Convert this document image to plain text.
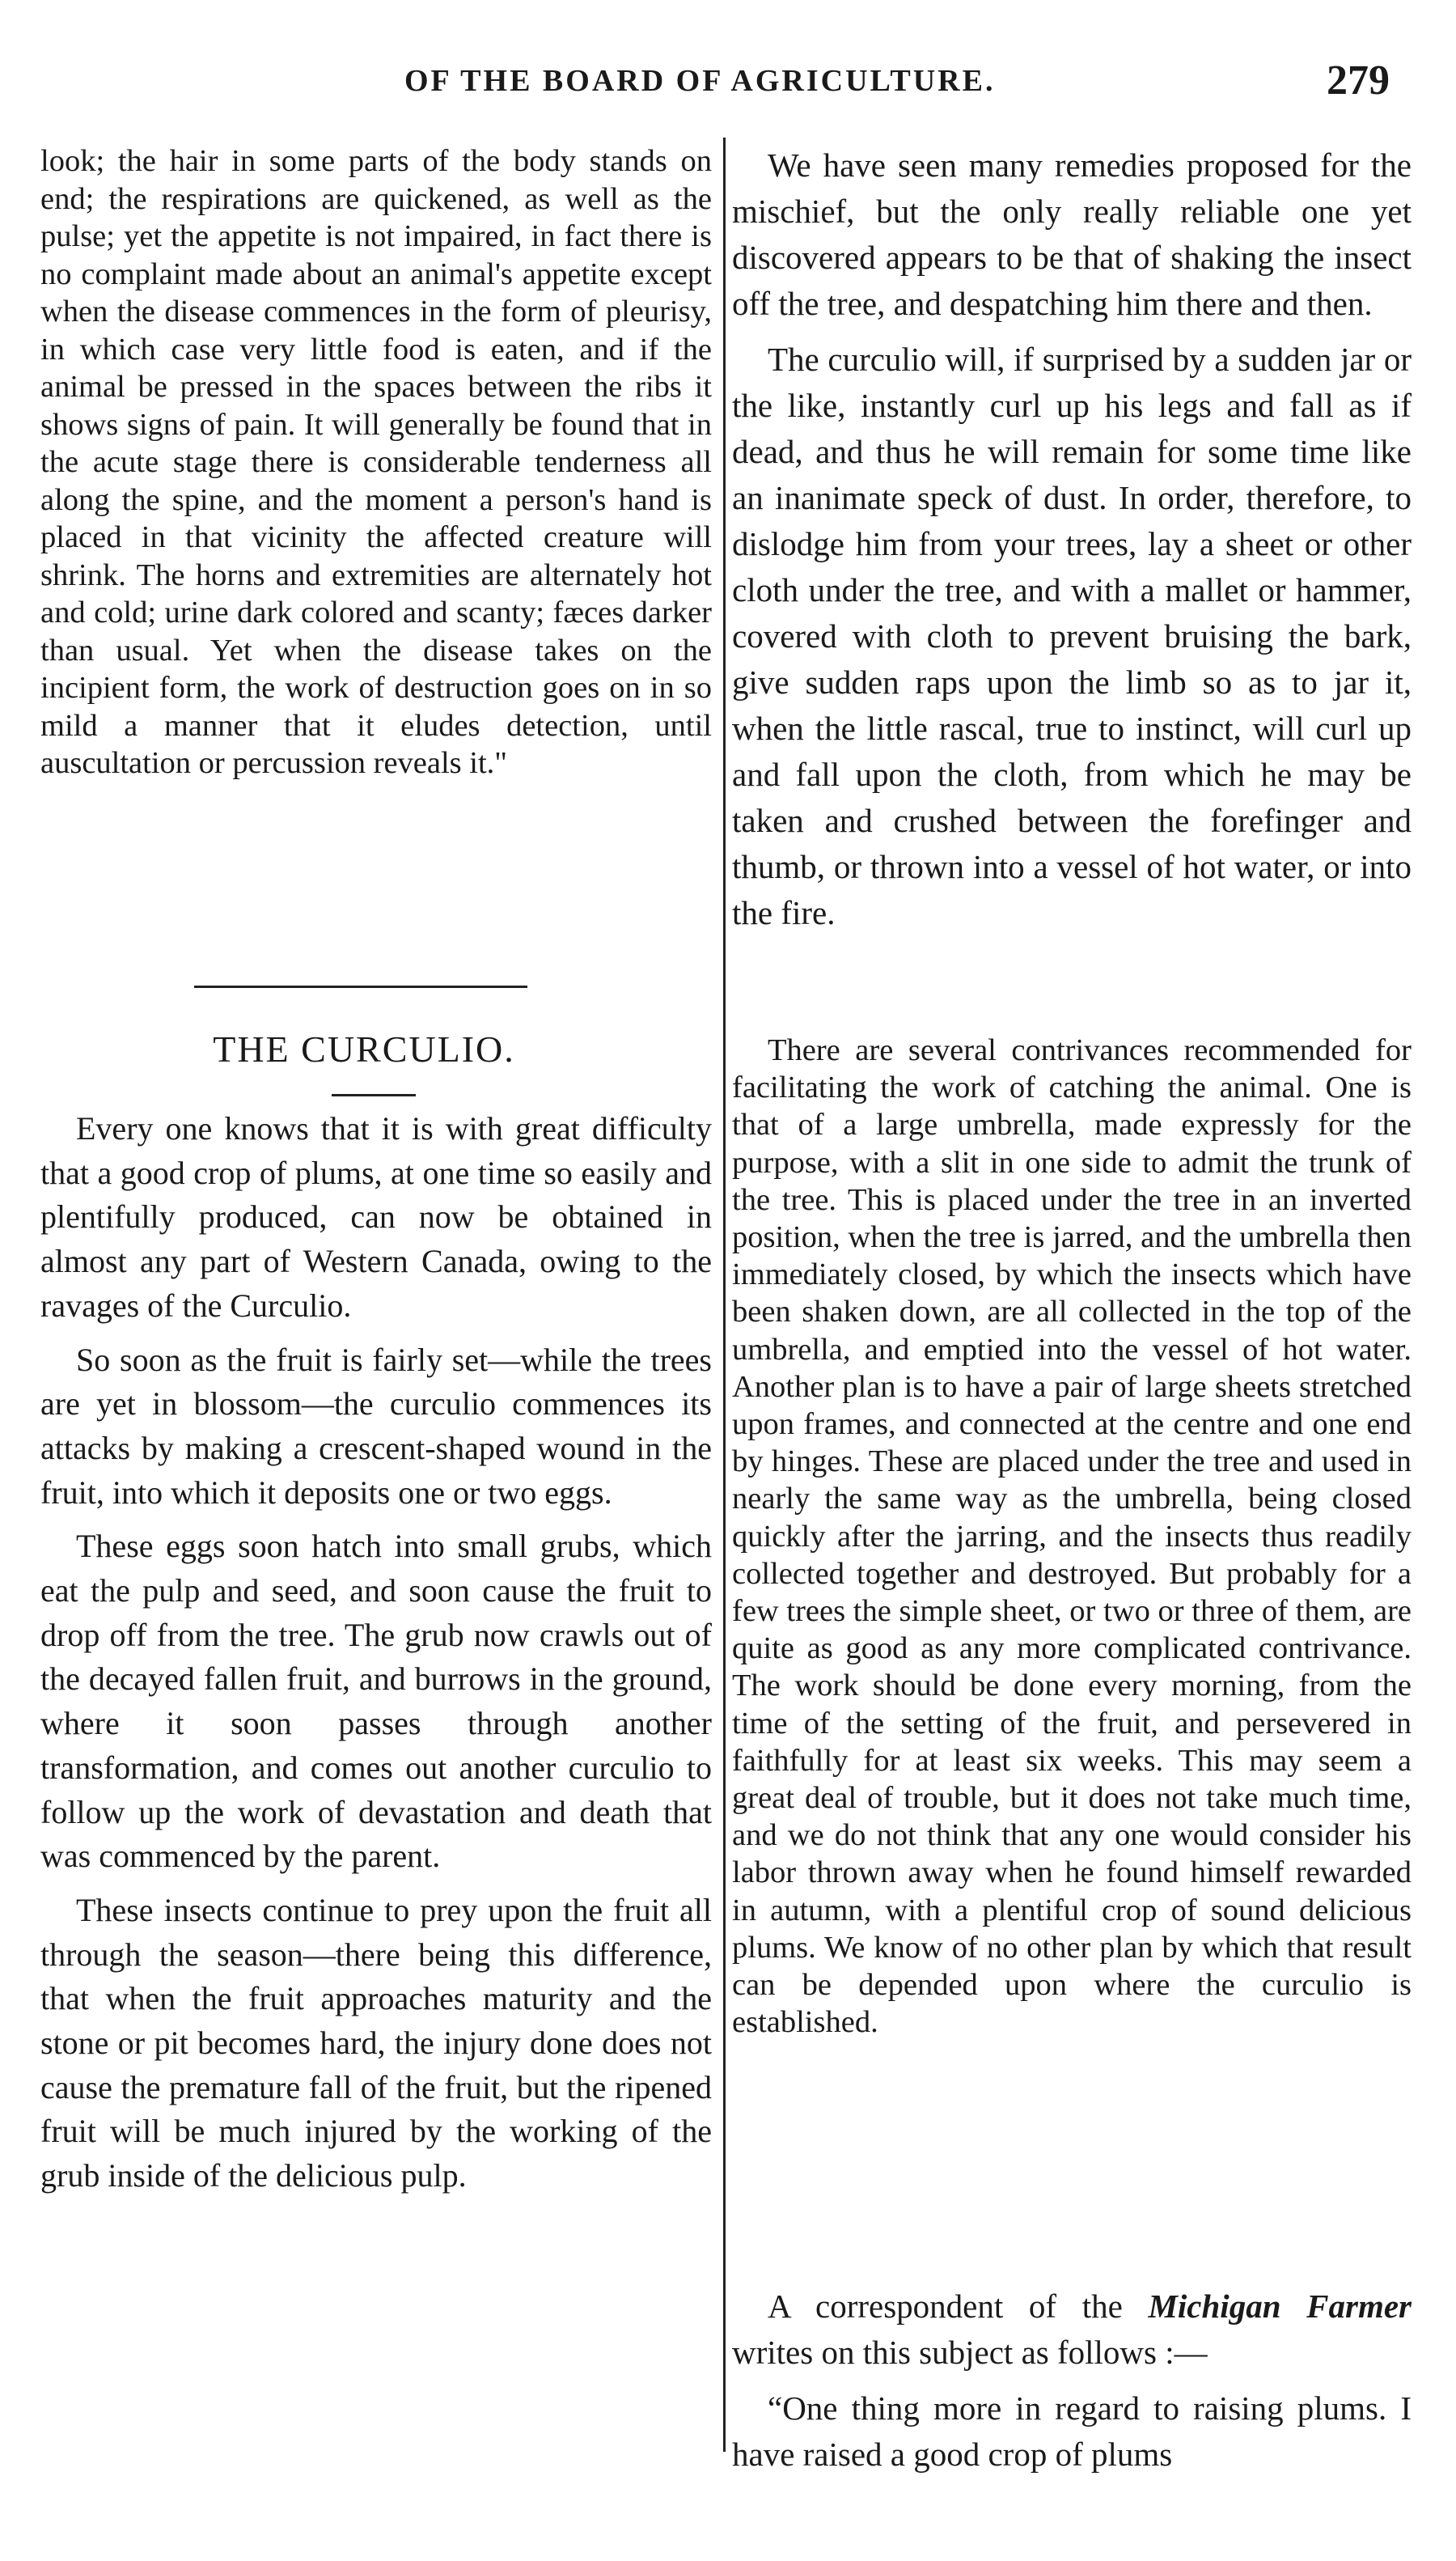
OF THE BOARD OF AGRICULTURE.	279

look; the hair in some parts of the body stands on end; the respirations are quickened, as well as the pulse; yet the appetite is not impaired, in fact there is no complaint made about an animal's appetite except when the disease commences in the form of pleurisy, in which case very little food is eaten, and if the animal be pressed in the spaces between the ribs it shows signs of pain. It will generally be found that in the acute stage there is considerable tenderness all along the spine, and the moment a person's hand is placed in that vicinity the affected creature will shrink. The horns and extremities are alternately hot and cold; urine dark colored and scanty; fæces darker than usual. Yet when the disease takes on the incipient form, the work of destruction goes on in so mild a manner that it eludes detection, until auscultation or percussion reveals it."

THE CURCULIO.

Every one knows that it is with great difficulty that a good crop of plums, at one time so easily and plentifully produced, can now be obtained in almost any part of Western Canada, owing to the ravages of the Curculio.

So soon as the fruit is fairly set—while the trees are yet in blossom—the curculio commences its attacks by making a crescent-shaped wound in the fruit, into which it deposits one or two eggs.

These eggs soon hatch into small grubs, which eat the pulp and seed, and soon cause the fruit to drop off from the tree. The grub now crawls out of the decayed fallen fruit, and burrows in the ground, where it soon passes through another transformation, and comes out another curculio to follow up the work of devastation and death that was commenced by the parent.

These insects continue to prey upon the fruit all through the season—there being this difference, that when the fruit approaches maturity and the stone or pit becomes hard, the injury done does not cause the premature fall of the fruit, but the ripened fruit will be much injured by the working of the grub inside of the delicious pulp.

We have seen many remedies proposed for the mischief, but the only really reliable one yet discovered appears to be that of shaking the insect off the tree, and despatching him there and then.

The curculio will, if surprised by a sudden jar or the like, instantly curl up his legs and fall as if dead, and thus he will remain for some time like an inanimate speck of dust. In order, therefore, to dislodge him from your trees, lay a sheet or other cloth under the tree, and with a mallet or hammer, covered with cloth to prevent bruising the bark, give sudden raps upon the limb so as to jar it, when the little rascal, true to instinct, will curl up and fall upon the cloth, from which he may be taken and crushed between the forefinger and thumb, or thrown into a vessel of hot water, or into the fire.

There are several contrivances recommended for facilitating the work of catching the animal. One is that of a large umbrella, made expressly for the purpose, with a slit in one side to admit the trunk of the tree. This is placed under the tree in an inverted position, when the tree is jarred, and the umbrella then immediately closed, by which the insects which have been shaken down, are all collected in the top of the umbrella, and emptied into the vessel of hot water. Another plan is to have a pair of large sheets stretched upon frames, and connected at the centre and one end by hinges. These are placed under the tree and used in nearly the same way as the umbrella, being closed quickly after the jarring, and the insects thus readily collected together and destroyed. But probably for a few trees the simple sheet, or two or three of them, are quite as good as any more complicated contrivance. The work should be done every morning, from the time of the setting of the fruit, and persevered in faithfully for at least six weeks. This may seem a great deal of trouble, but it does not take much time, and we do not think that any one would consider his labor thrown away when he found himself rewarded in autumn, with a plentiful crop of sound delicious plums. We know of no other plan by which that result can be depended upon where the curculio is established.

A correspondent of the Michigan Farmer writes on this subject as follows :—

“One thing more in regard to raising plums. I have raised a good crop of plums
